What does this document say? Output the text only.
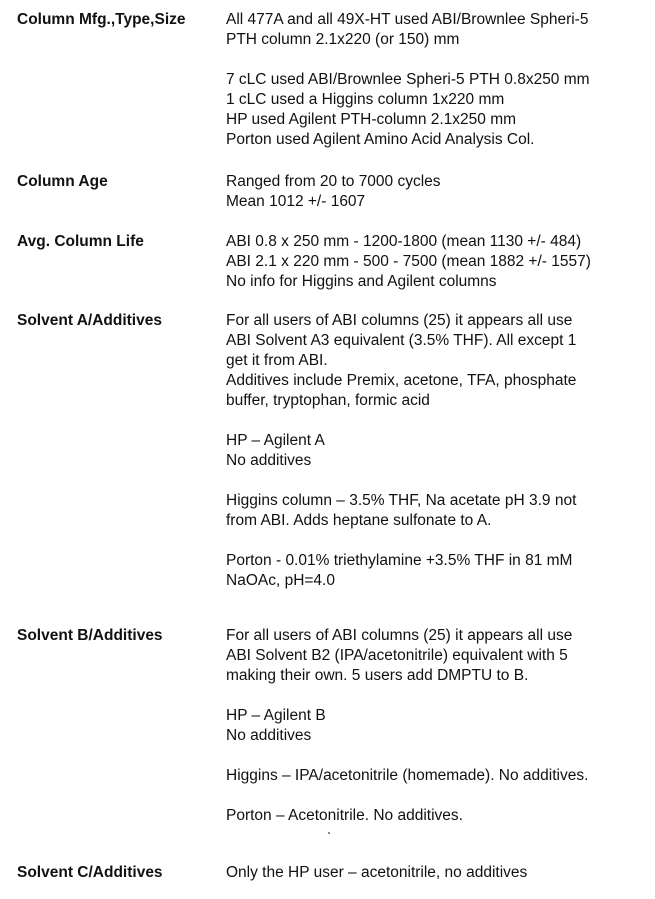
Column Mfg.,Type,Size	All 477A and all 49X-HT used ABI/Brownlee Spheri-5
PTH column 2.1x220 (or 150) mm

7 cLC used ABI/Brownlee Spheri-5 PTH 0.8x250 mm
1 cLC used a Higgins column 1x220 mm
HP used Agilent PTH-column 2.1x250 mm
Porton used Agilent Amino Acid Analysis Col.

Column Age	Ranged from 20 to 7000 cycles
Mean 1012 +/- 1607

Avg. Column Life	ABI 0.8 x 250 mm - 1200-1800 (mean 1130 +/- 484)
ABI 2.1 x 220 mm - 500 - 7500 (mean 1882 +/- 1557)
No info for Higgins and Agilent columns

Solvent A/Additives	For all users of ABI columns (25) it appears all use
ABI Solvent A3 equivalent (3.5% THF). All except 1
get it from ABI.
Additives include Premix, acetone, TFA, phosphate
buffer, tryptophan, formic acid

HP – Agilent A
No additives

Higgins column – 3.5% THF, Na acetate pH 3.9 not
from ABI. Adds heptane sulfonate to A.

Porton - 0.01% triethylamine +3.5% THF in 81 mM
NaOAc, pH=4.0

Solvent B/Additives	For all users of ABI columns (25) it appears all use
ABI Solvent B2 (IPA/acetonitrile) equivalent with 5
making their own. 5 users add DMPTU to B.

HP – Agilent B
No additives

Higgins – IPA/acetonitrile (homemade). No additives.

Porton – Acetonitrile. No additives.

Solvent C/Additives	Only the HP user – acetonitrile, no additives
